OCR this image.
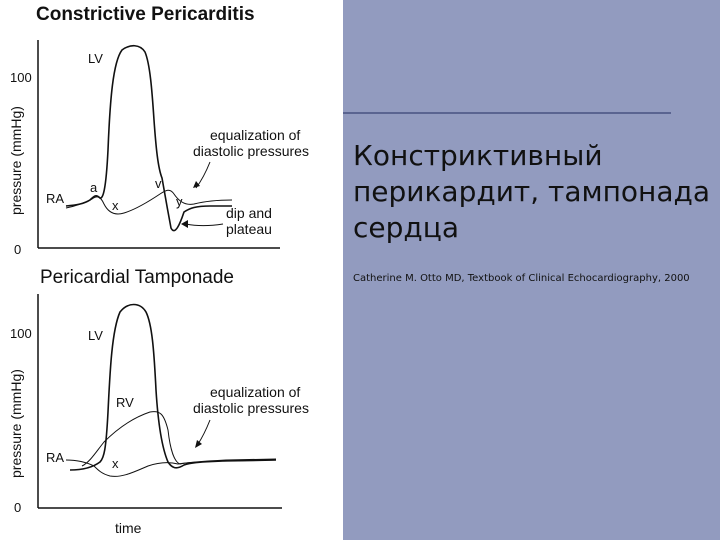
Constrictive Pericarditis
pressure (mmHg)
100
0
LV
RA
a
x
v
y
equalization of
diastolic pressures
dip and
plateau
Pericardial Tamponade
pressure (mmHg)
100
0
LV
RV
RA	x
equalization of
diastolic pressures
time
Констриктивный перикардит, тампонада сердца
Catherine M. Otto MD, Textbook of Clinical Echocardiography, 2000
